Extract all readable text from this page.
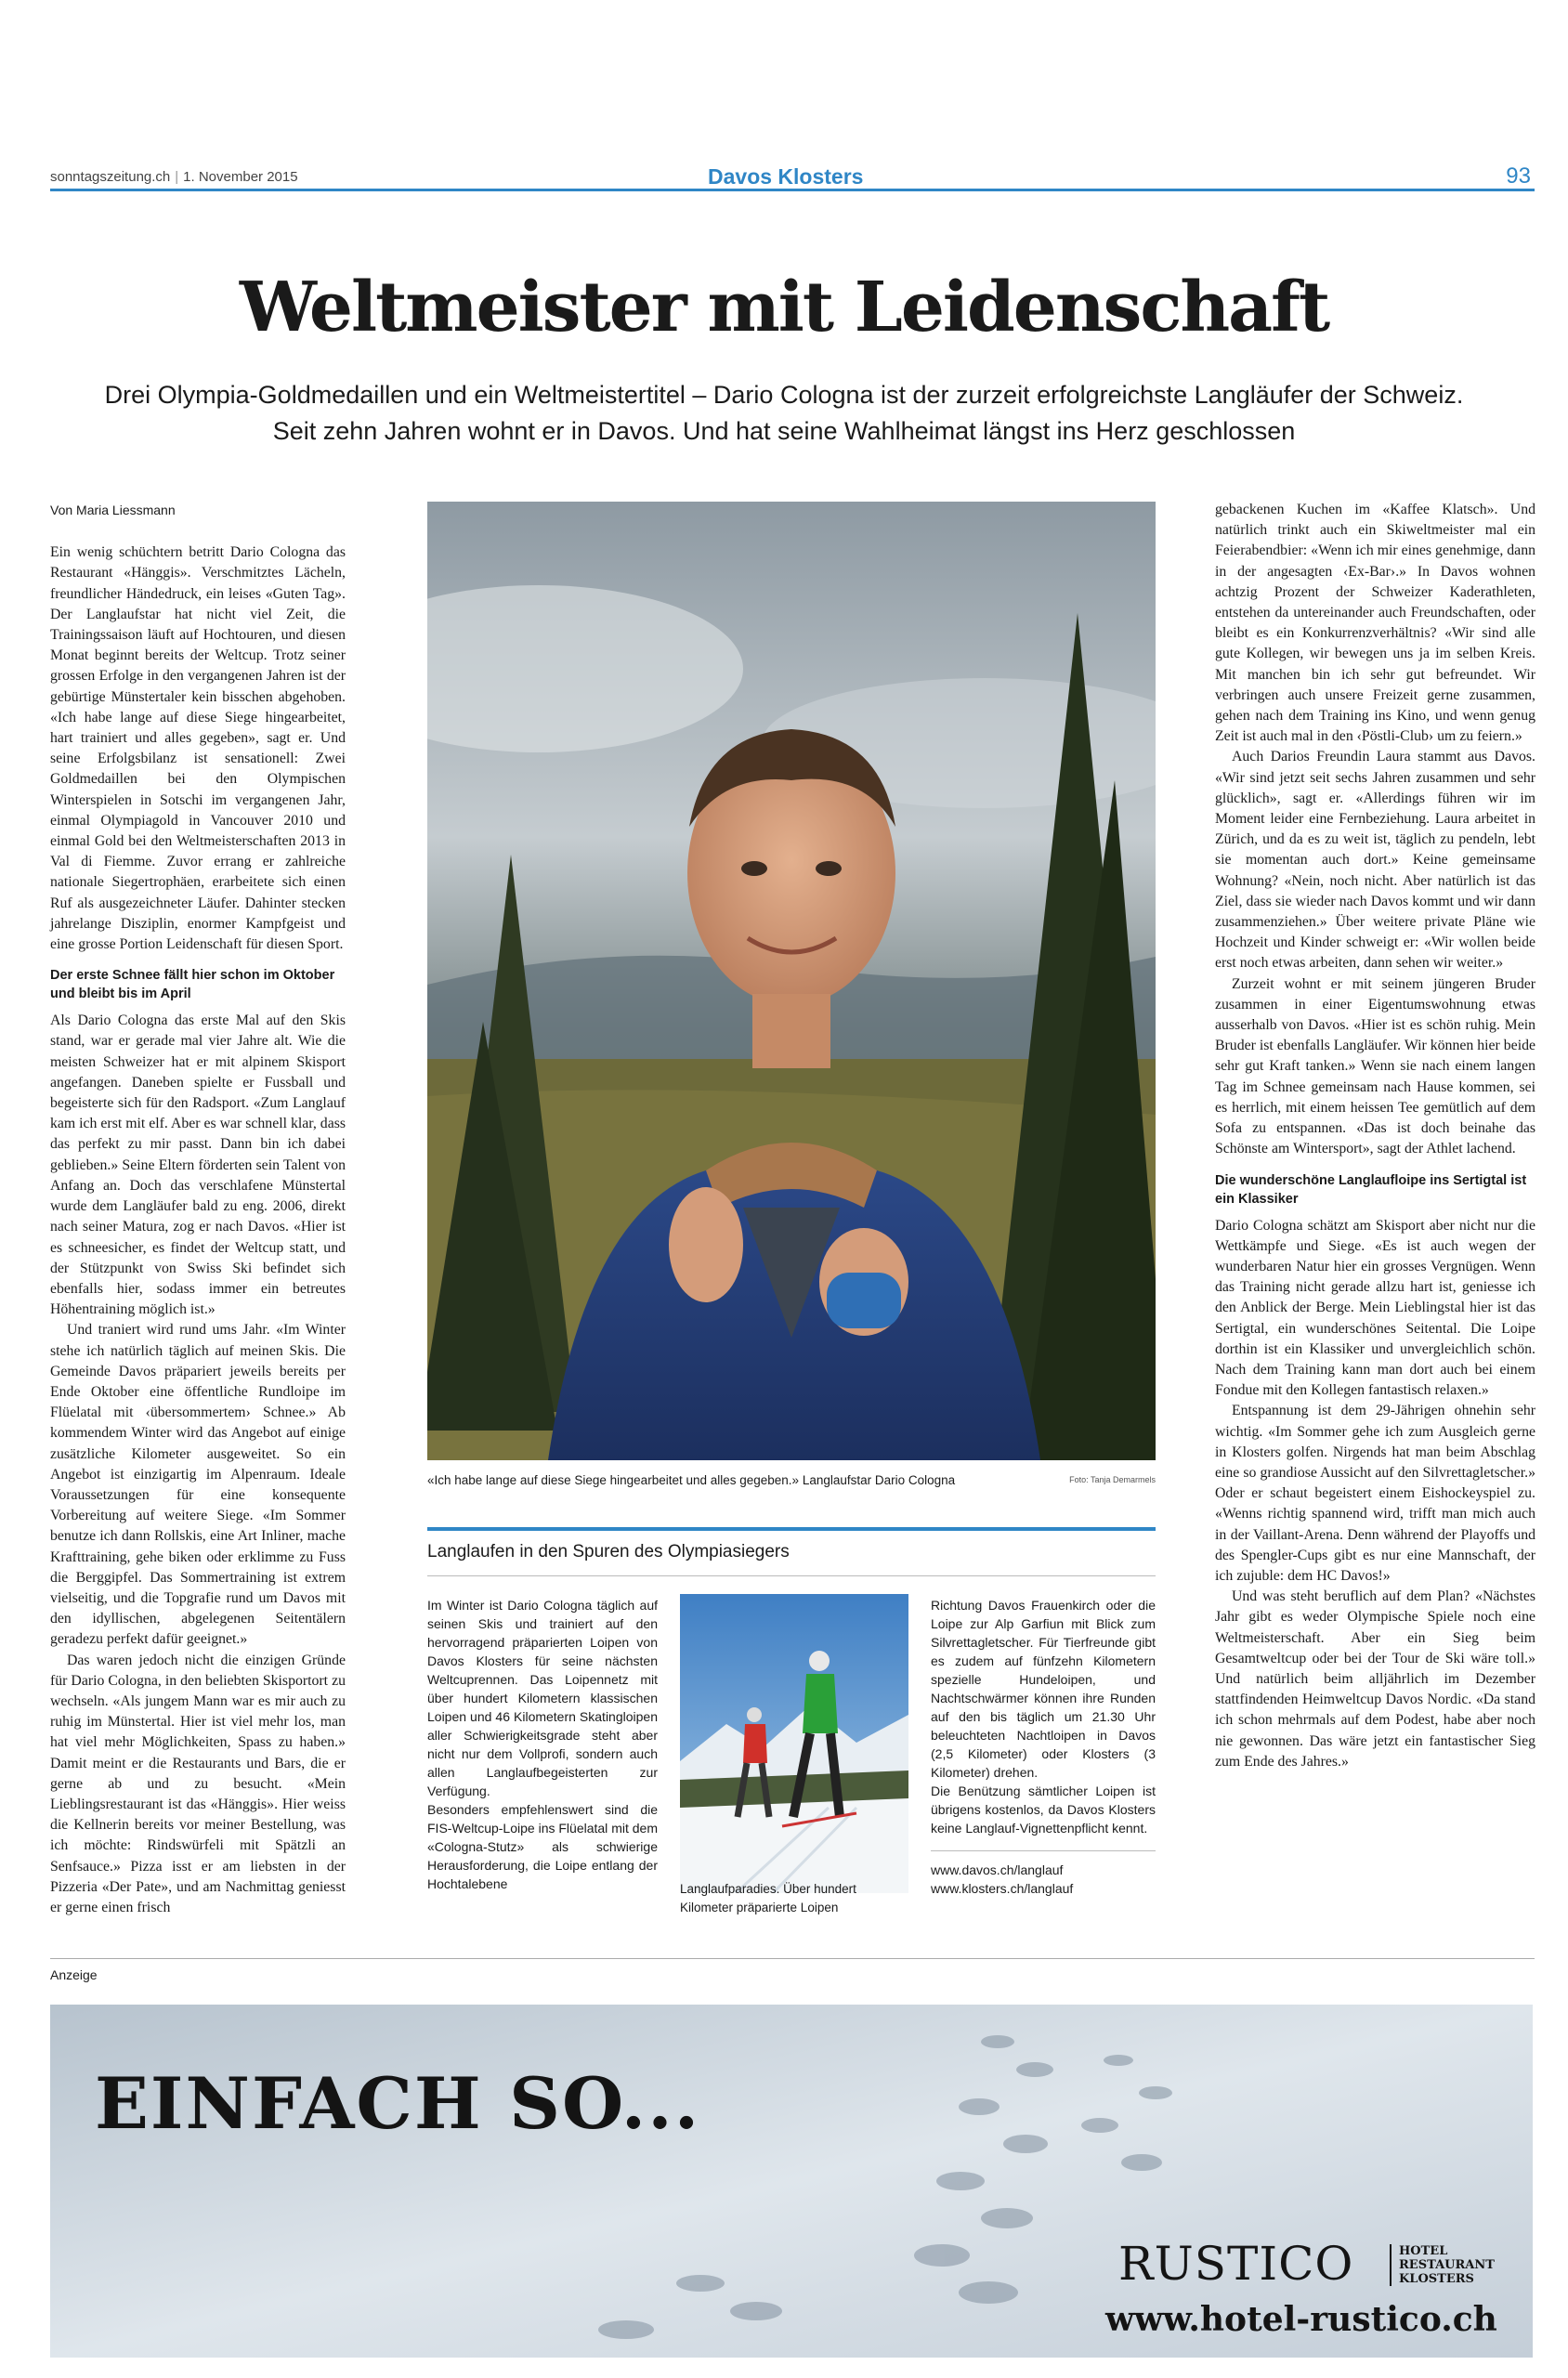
sonntagszeitung.ch | 1. November 2015	Davos Klosters	93
Weltmeister mit Leidenschaft
Drei Olympia-Goldmedaillen und ein Weltmeistertitel – Dario Cologna ist der zurzeit erfolgreichste Langläufer der Schweiz. Seit zehn Jahren wohnt er in Davos. Und hat seine Wahlheimat längst ins Herz geschlossen
Von Maria Liessmann

Ein wenig schüchtern betritt Dario Cologna das Restaurant «Hänggis». Verschmitztes Lächeln, freundlicher Händedruck, ein leises «Guten Tag». Der Langlaufstar hat nicht viel Zeit, die Trainingssaison läuft auf Hochtouren, und diesen Monat beginnt bereits der Weltcup. Trotz seiner grossen Erfolge in den vergangenen Jahren ist der gebürtige Münstertaler kein bisschen abgehoben. «Ich habe lange auf diese Siege hingearbeitet, hart trainiert und alles gegeben», sagt er. Und seine Erfolgsbilanz ist sensationell: Zwei Goldmedaillen bei den Olympischen Winterspielen in Sotschi im vergangenen Jahr, einmal Olympiagold in Vancouver 2010 und einmal Gold bei den Weltmeisterschaften 2013 in Val di Fiemme. Zuvor errang er zahlreiche nationale Siegertrophäen, erarbeitete sich einen Ruf als ausgezeichneter Läufer. Dahinter stecken jahrelange Disziplin, enormer Kampfgeist und eine grosse Portion Leidenschaft für diesen Sport.

Der erste Schnee fällt hier schon im Oktober und bleibt bis im April

Als Dario Cologna das erste Mal auf den Skis stand, war er gerade mal vier Jahre alt. Wie die meisten Schweizer hat er mit alpinem Skisport angefangen. Daneben spielte er Fussball und begeisterte sich für den Radsport. «Zum Langlauf kam ich erst mit elf. Aber es war schnell klar, dass das perfekt zu mir passt. Dann bin ich dabei geblieben.» Seine Eltern förderten sein Talent von Anfang an. Doch das verschlafene Münstertal wurde dem Langläufer bald zu eng. 2006, direkt nach seiner Matura, zog er nach Davos. «Hier ist es schneesicher, es findet der Weltcup statt, und der Stützpunkt von Swiss Ski befindet sich ebenfalls hier, sodass immer ein betreutes Höhentraining möglich ist.»

Und traniert wird rund ums Jahr. «Im Winter stehe ich natürlich täglich auf meinen Skis. Die Gemeinde Davos präpariert jeweils bereits per Ende Oktober eine öffentliche Rundloipe im Flüelatal mit ‹übersommertem› Schnee.» Ab kommendem Winter wird das Angebot auf einige zusätzliche Kilometer ausgeweitet. So ein Angebot ist einzigartig im Alpenraum. Ideale Voraussetzungen für eine konsequente Vorbereitung auf weitere Siege. «Im Sommer benutze ich dann Rollskis, eine Art Inliner, mache Krafttraining, gehe biken oder erklimme zu Fuss die Berggipfel. Das Sommertraining ist extrem vielseitig, und die Topgrafie rund um Davos mit den idyllischen, abgelegenen Seitentälern geradezu perfekt dafür geeignet.»

Das waren jedoch nicht die einzigen Gründe für Dario Cologna, in den beliebten Skisportort zu wechseln. «Als jungem Mann war es mir auch zu ruhig im Münstertal. Hier ist viel mehr los, man hat viel mehr Möglichkeiten, Spass zu haben.» Damit meint er die Restaurants und Bars, die er gerne ab und zu besucht. «Mein Lieblingsrestaurant ist das «Hänggis». Hier weiss die Kellnerin bereits vor meiner Bestellung, was ich möchte: Rindswürfeli mit Spätzli an Senfsauce.» Pizza isst er am liebsten in der Pizzeria «Der Pate», und am Nachmittag geniesst er gerne einen frisch

«Ich habe lange auf diese Siege hingearbeitet und alles gegeben.» Langlaufstar Dario Cologna	Foto: Tanja Demarmels
Langlaufen in den Spuren des Olympiasiegers

Im Winter ist Dario Cologna täglich auf seinen Skis und trainiert auf den hervorragend präparierten Loipen von Davos Klosters für seine nächsten Weltcuprennen. Das Loipennetz mit über hundert Kilometern klassischen Loipen und 46 Kilometern Skatingloipen aller Schwierigkeitsgrade steht aber nicht nur dem Vollprofi, sondern auch allen Langlaufbegeisterten zur Verfügung.

Besonders empfehlenswert sind die FIS-Weltcup-Loipe ins Flüelatal mit dem «Cologna-Stutz» als schwierige Herausforderung, die Loipe entlang der Hochtalebene	Langlaufparadies. Über hundert Kilometer präparierte Loipen

Richtung Davos Frauenkirch oder die Loipe zur Alp Garfiun mit Blick zum Silvrettagletscher. Für Tierfreunde gibt es zudem auf fünfzehn Kilometern spezielle Hundeloipen, und Nachtschwärmer können ihre Runden auf den bis täglich um 21.30 Uhr beleuchteten Nachtloipen in Davos (2,5 Kilometer) oder Klosters (3 Kilometer) drehen.

Die Benützung sämtlicher Loipen ist übrigens kostenlos, da Davos Klosters keine Langlauf-Vignettenpflicht kennt.

www.davos.ch/langlauf
www.klosters.ch/langlauf

gebackenen Kuchen im «Kaffee Klatsch». Und natürlich trinkt auch ein Skiweltmeister mal ein Feierabendbier: «Wenn ich mir eines genehmige, dann in der angesagten ‹Ex-Bar›.» In Davos wohnen achtzig Prozent der Schweizer Kaderathleten, entstehen da untereinander auch Freundschaften, oder bleibt es ein Konkurrenzverhältnis? «Wir sind alle gute Kollegen, wir bewegen uns ja im selben Kreis. Mit manchen bin ich sehr gut befreundet. Wir verbringen auch unsere Freizeit gerne zusammen, gehen nach dem Training ins Kino, und wenn genug Zeit ist auch mal in den ‹Pöstli-Club› um zu feiern.»

Auch Darios Freundin Laura stammt aus Davos. «Wir sind jetzt seit sechs Jahren zusammen und sehr glücklich», sagt er. «Allerdings führen wir im Moment leider eine Fernbeziehung. Laura arbeitet in Zürich, und da es zu weit ist, täglich zu pendeln, lebt sie momentan auch dort.» Keine gemeinsame Wohnung? «Nein, noch nicht. Aber natürlich ist das Ziel, dass sie wieder nach Davos kommt und wir dann zusammenziehen.» Über weitere private Pläne wie Hochzeit und Kinder schweigt er: «Wir wollen beide erst noch etwas arbeiten, dann sehen wir weiter.»

Zurzeit wohnt er mit seinem jüngeren Bruder zusammen in einer Eigentumswohnung etwas ausserhalb von Davos. «Hier ist es schön ruhig. Mein Bruder ist ebenfalls Langläufer. Wir können hier beide sehr gut Kraft tanken.» Wenn sie nach einem langen Tag im Schnee gemeinsam nach Hause kommen, sei es herrlich, mit einem heissen Tee gemütlich auf dem Sofa zu entspannen. «Das ist doch beinahe das Schönste am Wintersport», sagt der Athlet lachend.

Die wunderschöne Langlaufloipe ins Sertigtal ist ein Klassiker

Dario Cologna schätzt am Skisport aber nicht nur die Wettkämpfe und Siege. «Es ist auch wegen der wunderbaren Natur hier ein grosses Vergnügen. Wenn das Training nicht gerade allzu hart ist, geniesse ich den Anblick der Berge. Mein Lieblingstal hier ist das Sertigtal, ein wunderschönes Seitental. Die Loipe dorthin ist ein Klassiker und unvergleichlich schön. Nach dem Training kann man dort auch bei einem Fondue mit den Kollegen fantastisch relaxen.»

Entspannung ist dem 29-Jährigen ohnehin sehr wichtig. «Im Sommer gehe ich zum Ausgleich gerne in Klosters golfen. Nirgends hat man beim Abschlag eine so grandiose Aussicht auf den Silvrettagletscher.» Oder er schaut begeistert einem Eishockeyspiel zu. «Wenns richtig spannend wird, trifft man mich auch in der Vaillant-Arena. Denn während der Playoffs und des Spengler-Cups gibt es nur eine Mannschaft, der ich zujuble: dem HC Davos!»

Und was steht beruflich auf dem Plan? «Nächstes Jahr gibt es weder Olympische Spiele noch eine Weltmeisterschaft. Aber ein Sieg beim Gesamtweltcup oder bei der Tour de Ski wäre toll.» Und natürlich beim alljährlich im Dezember stattfindenden Heimweltcup Davos Nordic. «Da stand ich schon mehrmals auf dem Podest, habe aber noch nie gewonnen. Das wäre jetzt ein fantastischer Sieg zum Ende des Jahres.»

Anzeige
EINFACH SO...
RUSTICO	HOTEL
RESTAURANT
KLOSTERS
www.hotel-rustico.ch
